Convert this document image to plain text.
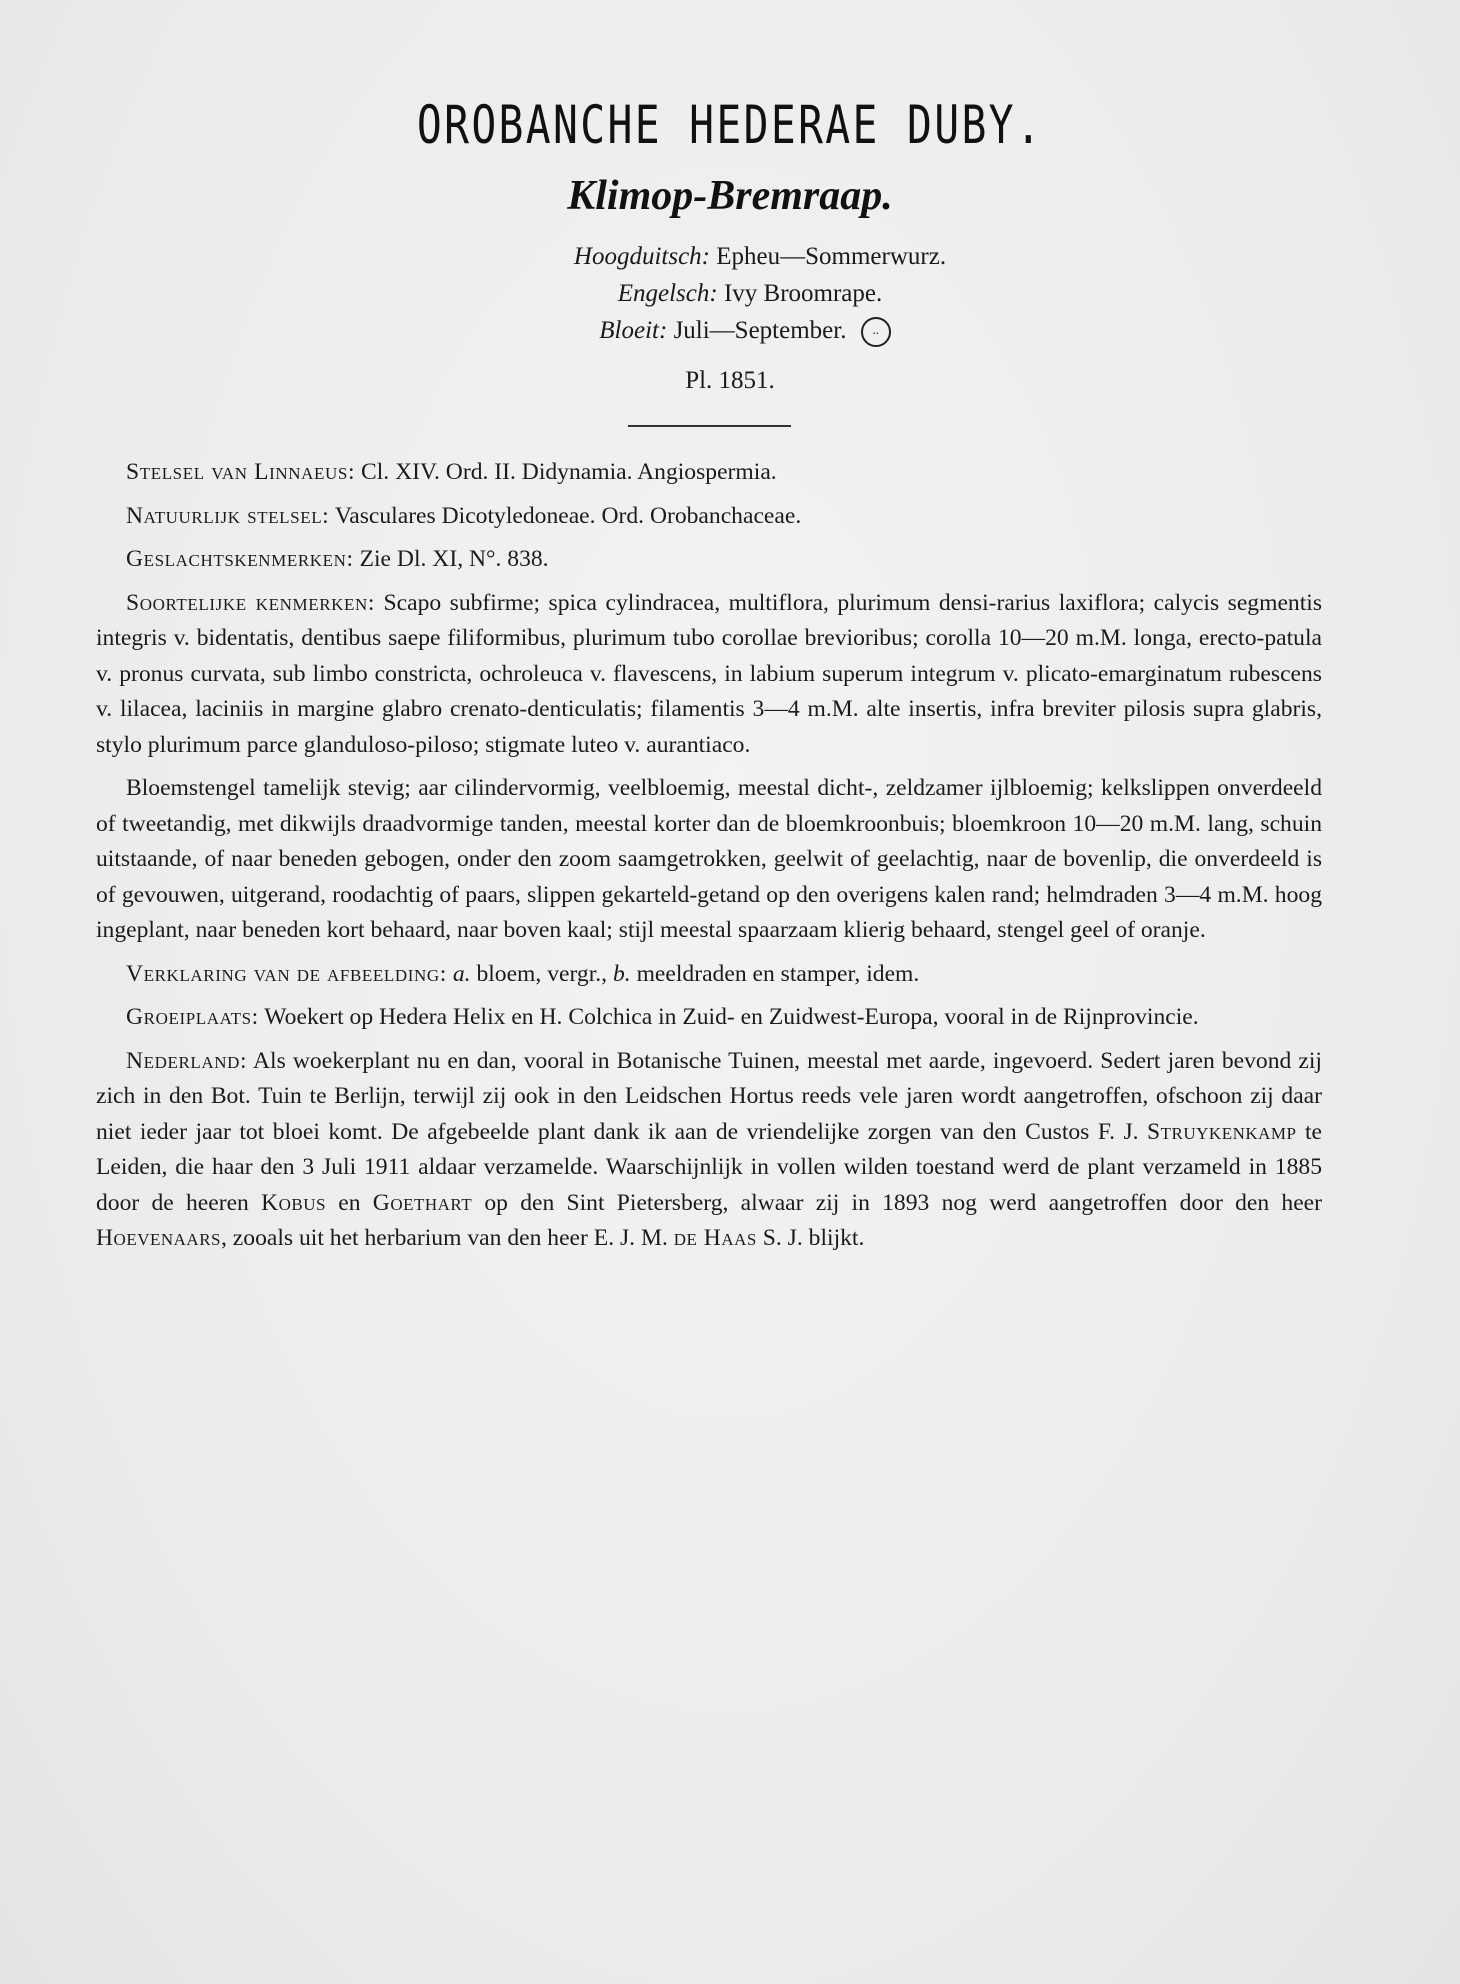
OROBANCHE HEDERAE DUBY.
Klimop-Bremraap.
Hoogduitsch: Epheu—Sommerwurz.
Engelsch: Ivy Broomrape.
Bloeit: Juli—September. ..
Pl. 1851.

Stelsel van Linnaeus: Cl. XIV. Ord. II. Didynamia. Angiospermia.

Natuurlijk stelsel: Vasculares Dicotyledoneae. Ord. Orobanchaceae.

Geslachtskenmerken: Zie Dl. XI, N°. 838.

Soortelijke kenmerken: Scapo subfirme; spica cylindracea, multiflora, plurimum densi-rarius laxiflora; calycis segmentis integris v. bidentatis, dentibus saepe filiformibus, plurimum tubo corollae brevioribus; corolla 10—20 m.M. longa, erecto-patula v. pronus curvata, sub limbo constricta, ochroleuca v. flavescens, in labium superum integrum v. plicato-emarginatum rubescens v. lilacea, laciniis in margine glabro crenato-denticulatis; filamentis 3—4 m.M. alte insertis, infra breviter pilosis supra glabris, stylo plurimum parce glanduloso-piloso; stigmate luteo v. aurantiaco.

Bloemstengel tamelijk stevig; aar cilindervormig, veelbloemig, meestal dicht-, zeldzamer ijlbloemig; kelkslippen onverdeeld of tweetandig, met dikwijls draadvormige tanden, meestal korter dan de bloemkroonbuis; bloemkroon 10—20 m.M. lang, schuin uitstaande, of naar beneden gebogen, onder den zoom saamgetrokken, geelwit of geelachtig, naar de bovenlip, die onverdeeld is of gevouwen, uitgerand, roodachtig of paars, slippen gekarteld-getand op den overigens kalen rand; helmdraden 3—4 m.M. hoog ingeplant, naar beneden kort behaard, naar boven kaal; stijl meestal spaarzaam klierig behaard, stengel geel of oranje.

Verklaring van de afbeelding: a. bloem, vergr., b. meeldraden en stamper, idem.

Groeiplaats: Woekert op Hedera Helix en H. Colchica in Zuid- en Zuidwest-Europa, vooral in de Rijnprovincie.

Nederland: Als woekerplant nu en dan, vooral in Botanische Tuinen, meestal met aarde, ingevoerd. Sedert jaren bevond zij zich in den Bot. Tuin te Berlijn, terwijl zij ook in den Leidschen Hortus reeds vele jaren wordt aangetroffen, ofschoon zij daar niet ieder jaar tot bloei komt. De afgebeelde plant dank ik aan de vriendelijke zorgen van den Custos F. J. Struykenkamp te Leiden, die haar den 3 Juli 1911 aldaar verzamelde. Waarschijnlijk in vollen wilden toestand werd de plant verzameld in 1885 door de heeren Kobus en Goethart op den Sint Pietersberg, alwaar zij in 1893 nog werd aangetroffen door den heer Hoevenaars, zooals uit het herbarium van den heer E. J. M. de Haas S. J. blijkt.
